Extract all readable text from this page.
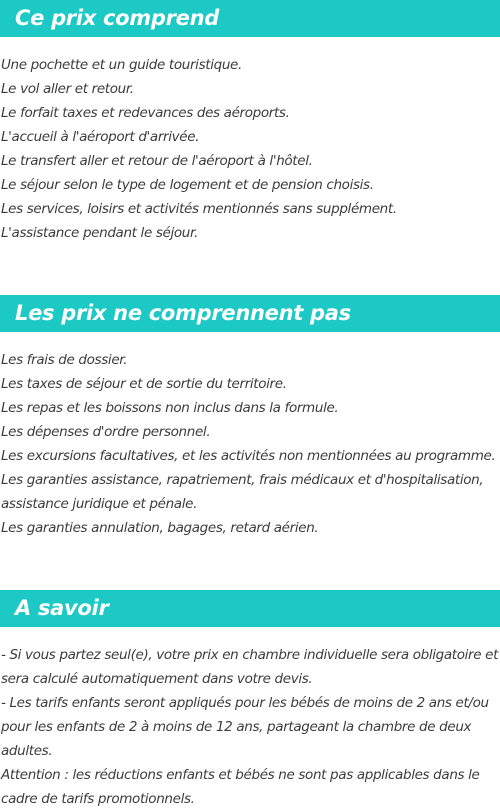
Ce prix comprend
Une pochette et un guide touristique.
Le vol aller et retour.
Le forfait taxes et redevances des aéroports.
L'accueil à l'aéroport d'arrivée.
Le transfert aller et retour de l'aéroport à l'hôtel.
Le séjour selon le type de logement et de pension choisis.
Les services, loisirs et activités mentionnés sans supplément.
L'assistance pendant le séjour.
Les prix ne comprennent pas
Les frais de dossier.
Les taxes de séjour et de sortie du territoire.
Les repas et les boissons non inclus dans la formule.
Les dépenses d'ordre personnel.
Les excursions facultatives, et les activités non mentionnées au programme.
Les garanties assistance, rapatriement, frais médicaux et d'hospitalisation, assistance juridique et pénale.
Les garanties annulation, bagages, retard aérien.
A savoir
- Si vous partez seul(e), votre prix en chambre individuelle sera obligatoire et sera calculé automatiquement dans votre devis.
- Les tarifs enfants seront appliqués pour les bébés de moins de 2 ans et/ou pour les enfants de 2 à moins de 12 ans, partageant la chambre de deux adultes.
Attention : les réductions enfants et bébés ne sont pas applicables dans le cadre de tarifs promotionnels.
